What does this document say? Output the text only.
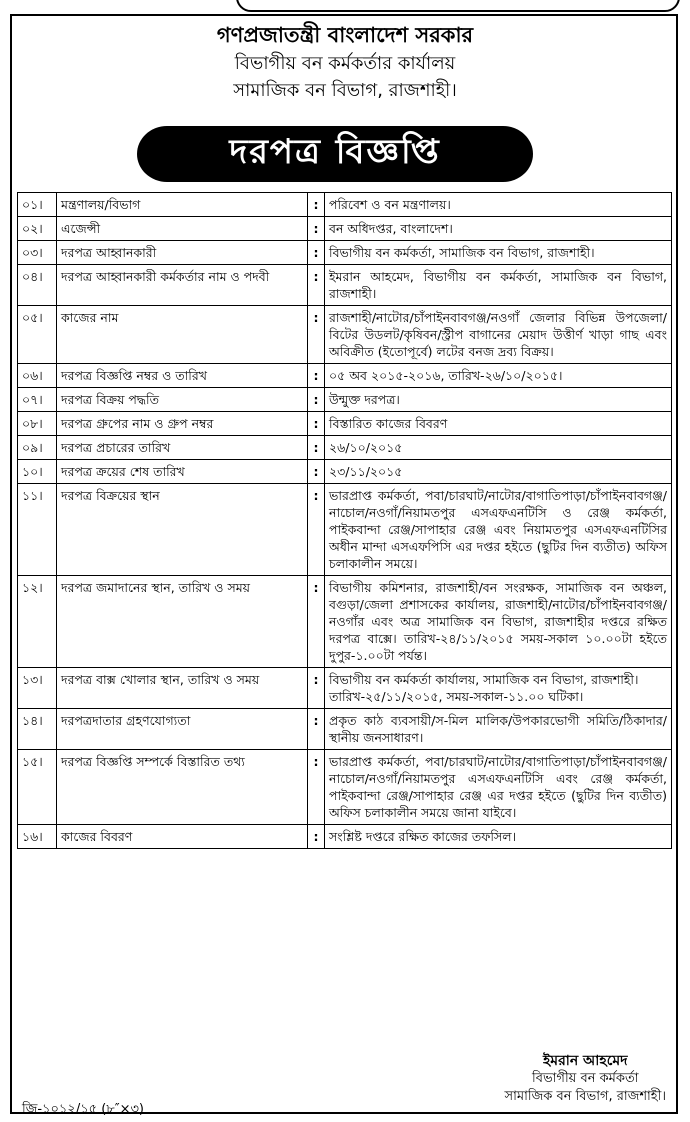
গণপ্রজাতন্ত্রী বাংলাদেশ সরকার
বিভাগীয় বন কর্মকর্তার কার্যালয়
সামাজিক বন বিভাগ, রাজশাহী।
দরপত্র বিজ্ঞপ্তি
০১।	মন্ত্রণালয়/বিভাগ	:	পরিবেশ ও বন মন্ত্রণালয়।
০২।	এজেন্সী	:	বন অধিদপ্তর, বাংলাদেশ।
০৩।	দরপত্র আহ্বানকারী	:	বিভাগীয় বন কর্মকর্তা, সামাজিক বন বিভাগ, রাজশাহী।
০৪।	দরপত্র আহ্বানকারী কর্মকর্তার নাম ও পদবী	:	ইমরান আহমেদ, বিভাগীয় বন কর্মকর্তা, সামাজিক বন বিভাগ, রাজশাহী।
০৫।	কাজের নাম	:	রাজশাহী/নাটোর/চাঁপাইনবাবগঞ্জ/নওগাঁ জেলার বিভিন্ন উপজেলা/বিটের উডলট/কৃষিবন/স্ট্রীপ বাগানের মেয়াদ উত্তীর্ণ খাড়া গাছ এবং অবিক্রীত (ইতোপূর্বে) লটের বনজ দ্রব্য বিক্রয়।
০৬।	দরপত্র বিজ্ঞপ্তি নম্বর ও তারিখ	:	০৫ অব ২০১৫-২০১৬, তারিখ-২৬/১০/২০১৫।
০৭।	দরপত্র বিক্রয় পদ্ধতি	:	উন্মুক্ত দরপত্র।
০৮।	দরপত্র গ্রুপের নাম ও গ্রুপ নম্বর	:	বিস্তারিত কাজের বিবরণ
০৯।	দরপত্র প্রচারের তারিখ	:	২৬/১০/২০১৫
১০।	দরপত্র ক্রয়ের শেষ তারিখ	:	২৩/১১/২০১৫
১১।	দরপত্র বিক্রয়ের স্থান	:	ভারপ্রাপ্ত কর্মকর্তা, পবা/চারঘাট/নাটোর/বাগাতিপাড়া/চাঁপাইনবাবগঞ্জ/নাচোল/নওগাঁ/নিয়ামতপুর এসএফএনটিসি ও রেঞ্জ কর্মকর্তা, পাইকবান্দা রেঞ্জ/সাপাহার রেঞ্জ এবং নিয়ামতপুর এসএফএনটিসির অধীন মান্দা এসএফপিসি এর দপ্তর হইতে (ছুটির দিন ব্যতীত) অফিস চলাকালীন সময়ে।
১২।	দরপত্র জমাদানের স্থান, তারিখ ও সময়	:	বিভাগীয় কমিশনার, রাজশাহী/বন সংরক্ষক, সামাজিক বন অঞ্চল, বগুড়া/জেলা প্রশাসকের কার্যালয়, রাজশাহী/নাটোর/চাঁপাইনবাবগঞ্জ/নওগাঁর এবং অত্র সামাজিক বন বিভাগ, রাজশাহীর দপ্তরে রক্ষিত দরপত্র বাক্সে। তারিখ-২৪/১১/২০১৫ সময়-সকাল ১০.০০টা হইতে দুপুর-১.০০টা পর্যন্ত।
১৩।	দরপত্র বাক্স খোলার স্থান, তারিখ ও সময়	:	বিভাগীয় বন কর্মকর্তা কার্যালয়, সামাজিক বন বিভাগ, রাজশাহী।
তারিখ-২৫/১১/২০১৫, সময়-সকাল-১১.০০ ঘটিকা।

১৪।	দরপত্রদাতার গ্রহণযোগ্যতা	:	প্রকৃত কাঠ ব্যবসায়ী/স-মিল মালিক/উপকারভোগী সমিতি/ঠিকাদার/স্থানীয় জনসাধারণ।
১৫।	দরপত্র বিজ্ঞপ্তি সম্পর্কে বিস্তারিত তথ্য	:	ভারপ্রাপ্ত কর্মকর্তা, পবা/চারঘাট/নাটোর/বাগাতিপাড়া/চাঁপাইনবাবগঞ্জ/নাচোল/নওগাঁ/নিয়ামতপুর এসএফএনটিসি এবং রেঞ্জ কর্মকর্তা, পাইকবান্দা রেঞ্জ/সাপাহার রেঞ্জ এর দপ্তর হইতে (ছুটির দিন ব্যতীত) অফিস চলাকালীন সময়ে জানা যাইবে।
১৬।	কাজের বিবরণ	:	সংশ্লিষ্ট দপ্তরে রক্ষিত কাজের তফসিল।
ইমরান আহমেদ
বিভাগীয় বন কর্মকর্তা
সামাজিক বন বিভাগ, রাজশাহী।
জি-১০১২/১৫ (৮″×৩)
